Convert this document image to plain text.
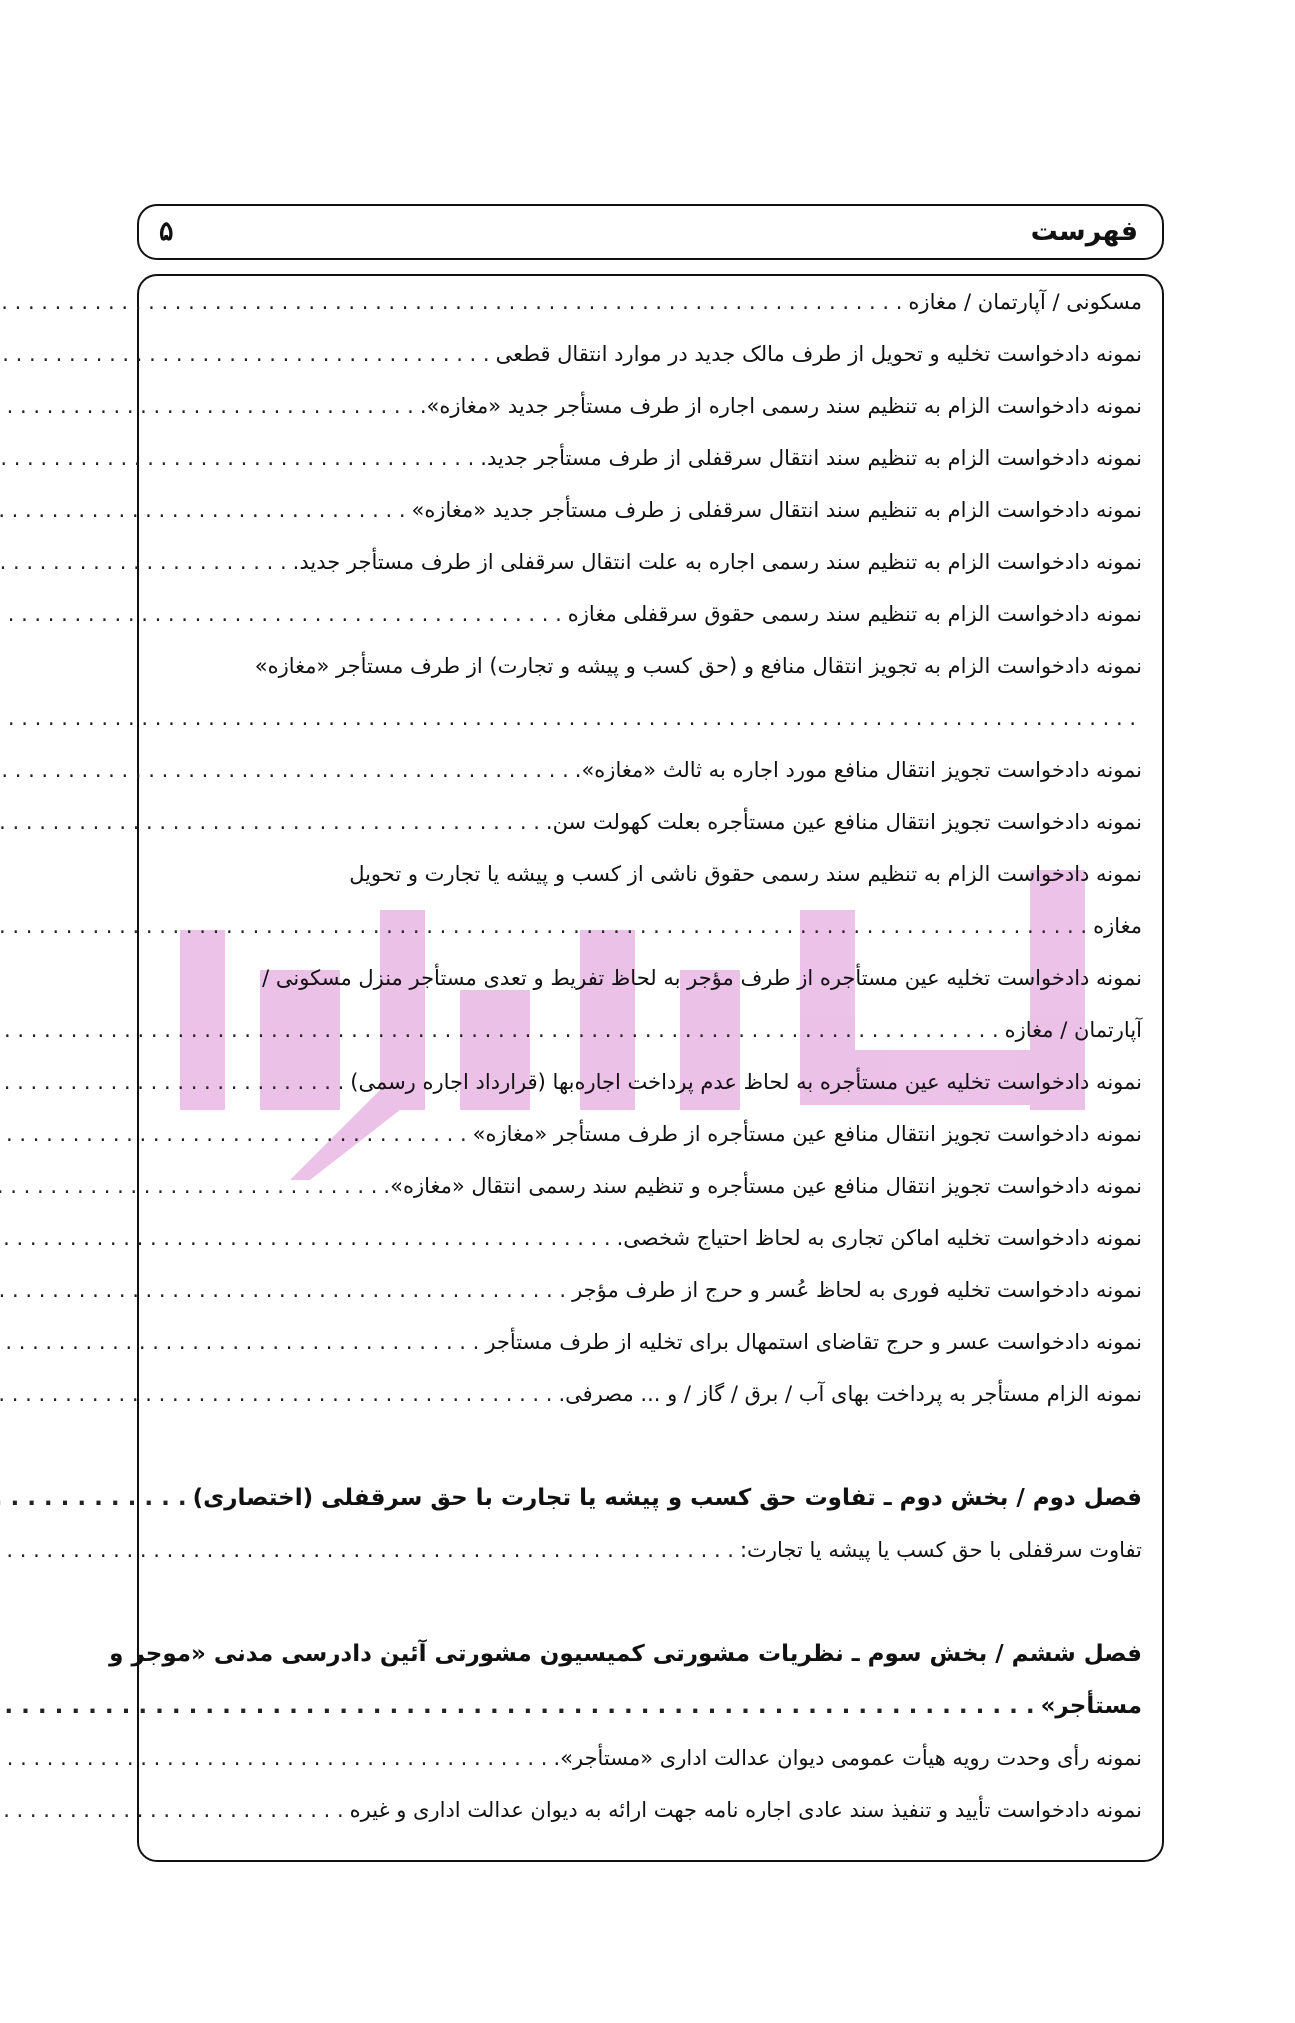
فهرست
۵
مسکونی / آپارتمان / مغازه
. . .
نمونه دادخواست تخلیه و تحویل از طرف مالک جدید در موارد انتقال قطعی
. . .
نمونه دادخواست الزام به تنظیم سند رسمی اجاره از طرف مستأجر جدید «مغازه».
. . .
نمونه دادخواست الزام به تنظیم سند انتقال سرقفلی از طرف مستأجر جدید.
. . .
نمونه دادخواست الزام به تنظیم سند انتقال سرقفلی ز طرف مستأجر جدید «مغازه»
. . .
نمونه دادخواست الزام به تنظیم سند رسمی اجاره به علت انتقال سرقفلی از طرف مستأجر جدید.
. . .
نمونه دادخواست الزام به تنظیم سند رسمی حقوق سرقفلی مغازه
. . .
نمونه دادخواست الزام به تجویز انتقال منافع و (حق کسب و پیشه و تجارت) از طرف مستأجر «مغازه»
. . .
نمونه دادخواست تجویز انتقال منافع مورد اجاره به ثالث «مغازه».
. . .
نمونه دادخواست تجویز انتقال منافع عین مستأجره بعلت کهولت سن.
. . .
نمونه دادخواست الزام به تنظیم سند رسمی حقوق ناشی از کسب و پیشه یا تجارت و تحویل
مغازه
. . .
نمونه دادخواست تخلیه عین مستأجره از طرف مؤجر به لحاظ تفریط و تعدی مستأجر منزل مسکونی /
آپارتمان / مغازه
. . .
نمونه دادخواست تخلیه عین مستأجره به لحاظ عدم پرداخت اجاره‌بها (قرارداد اجاره رسمی)
. . .
نمونه دادخواست تجویز انتقال منافع عین مستأجره از طرف مستأجر «مغازه»
. . .
نمونه دادخواست تجویز انتقال منافع عین مستأجره و تنظیم سند رسمی انتقال «مغازه».
. . .
نمونه دادخواست تخلیه اماکن تجاری به لحاظ احتیاج شخصی.
. . .
نمونه دادخواست تخلیه فوری به لحاظ عُسر و حرج از طرف مؤجر
. . .
نمونه دادخواست عسر و حرج تقاضای استمهال برای تخلیه از طرف مستأجر
. . .
نمونه الزام مستأجر به پرداخت بهای آب / برق / گاز / و ... مصرفی.
. . .
فصل دوم / بخش دوم ـ تفاوت حق کسب و پیشه یا تجارت با حق سرقفلی (اختصاری)
. . .
تفاوت سرقفلی با حق کسب یا پیشه یا تجارت:
. . .
فصل ششم / بخش سوم ـ نظریات مشورتی کمیسیون مشورتی آئین دادرسی مدنی «موجر و
مستأجر»
. . .
نمونه رأی وحدت رویه هیأت عمومی دیوان عدالت اداری «مستأجر».
. . .
نمونه دادخواست تأیید و تنفیذ سند عادی اجاره نامه جهت ارائه به دیوان عدالت اداری و غیره
. . .
